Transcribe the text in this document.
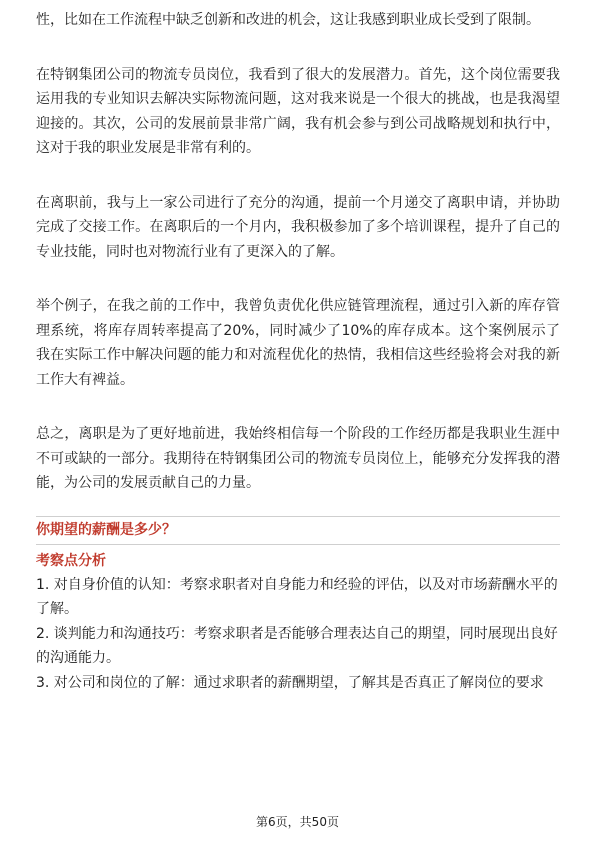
性，比如在工作流程中缺乏创新和改进的机会，这让我感到职业成长受到了限制。

在特钢集团公司的物流专员岗位，我看到了很大的发展潜力。首先，这个岗位需要我运用我的专业知识去解决实际物流问题，这对我来说是一个很大的挑战，也是我渴望迎接的。其次，公司的发展前景非常广阔，我有机会参与到公司战略规划和执行中，这对于我的职业发展是非常有利的。

在离职前，我与上一家公司进行了充分的沟通，提前一个月递交了离职申请，并协助完成了交接工作。在离职后的一个月内，我积极参加了多个培训课程，提升了自己的专业技能，同时也对物流行业有了更深入的了解。

举个例子，在我之前的工作中，我曾负责优化供应链管理流程，通过引入新的库存管理系统，将库存周转率提高了20%，同时减少了10%的库存成本。这个案例展示了我在实际工作中解决问题的能力和对流程优化的热情，我相信这些经验将会对我的新工作大有裨益。

总之，离职是为了更好地前进，我始终相信每一个阶段的工作经历都是我职业生涯中不可或缺的一部分。我期待在特钢集团公司的物流专员岗位上，能够充分发挥我的潜能，为公司的发展贡献自己的力量。

你期望的薪酬是多少？
考察点分析

1. 对自身价值的认知：考察求职者对自身能力和经验的评估，以及对市场薪酬水平的了解。

2. 谈判能力和沟通技巧：考察求职者是否能够合理表达自己的期望，同时展现出良好的沟通能力。

3. 对公司和岗位的了解：通过求职者的薪酬期望，了解其是否真正了解岗位的要求

第6页，共50页
